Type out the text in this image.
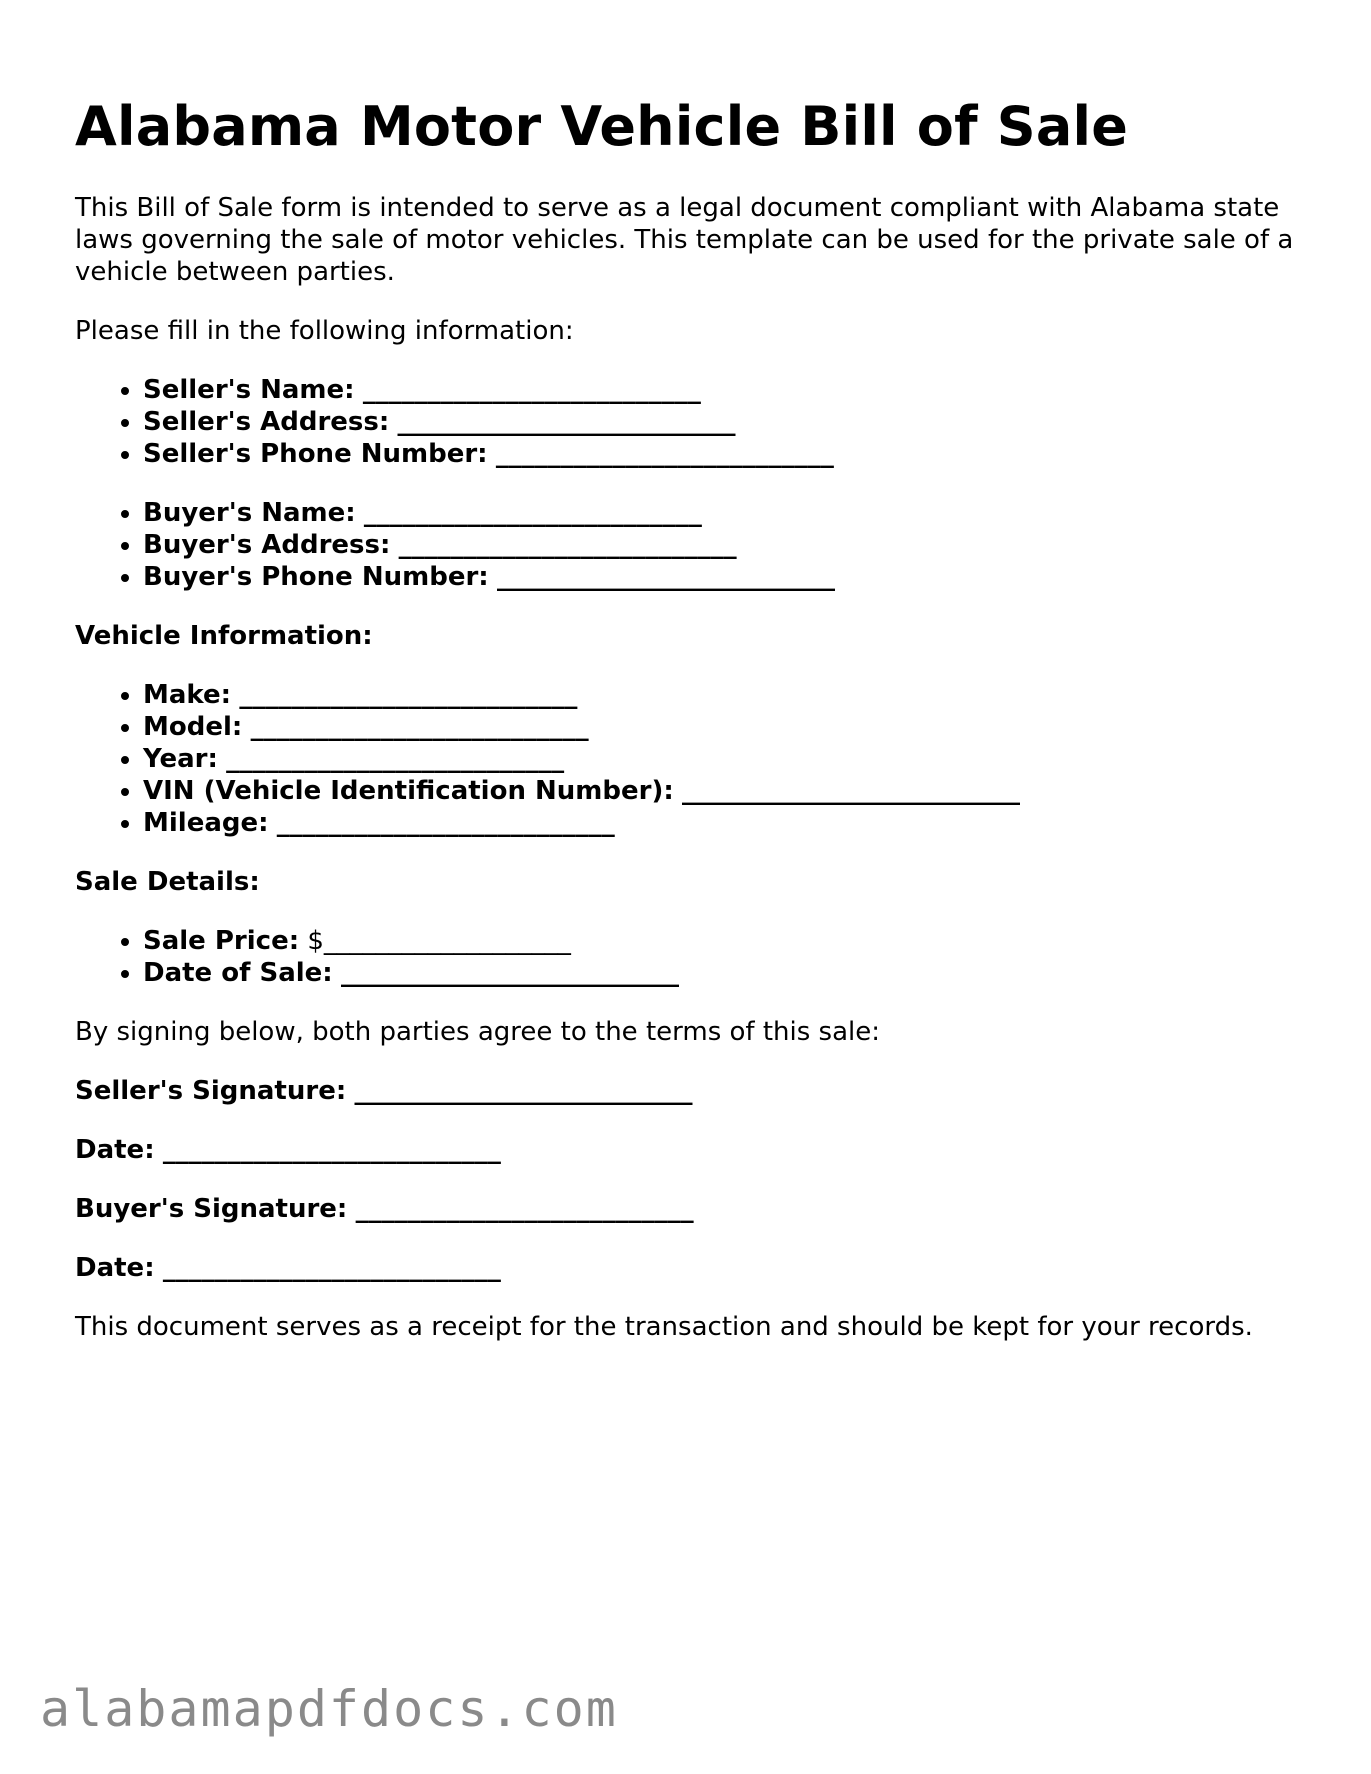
Alabama Motor Vehicle Bill of Sale

This Bill of Sale form is intended to serve as a legal document compliant with Alabama state laws governing the sale of motor vehicles. This template can be used for the private sale of a vehicle between parties.

Please fill in the following information:

• Seller's Name: __________________________
• Seller's Address: __________________________
• Seller's Phone Number: __________________________
• Buyer's Name: __________________________
• Buyer's Address: __________________________
• Buyer's Phone Number: __________________________

Vehicle Information:

• Make: __________________________
• Model: __________________________
• Year: __________________________
• VIN (Vehicle Identification Number): __________________________
• Mileage: __________________________

Sale Details:

• Sale Price: $___________________
• Date of Sale: __________________________

By signing below, both parties agree to the terms of this sale:

Seller's Signature: __________________________

Date: __________________________

Buyer's Signature: __________________________

Date: __________________________

This document serves as a receipt for the transaction and should be kept for your records.

alabamapdfdocs.com
